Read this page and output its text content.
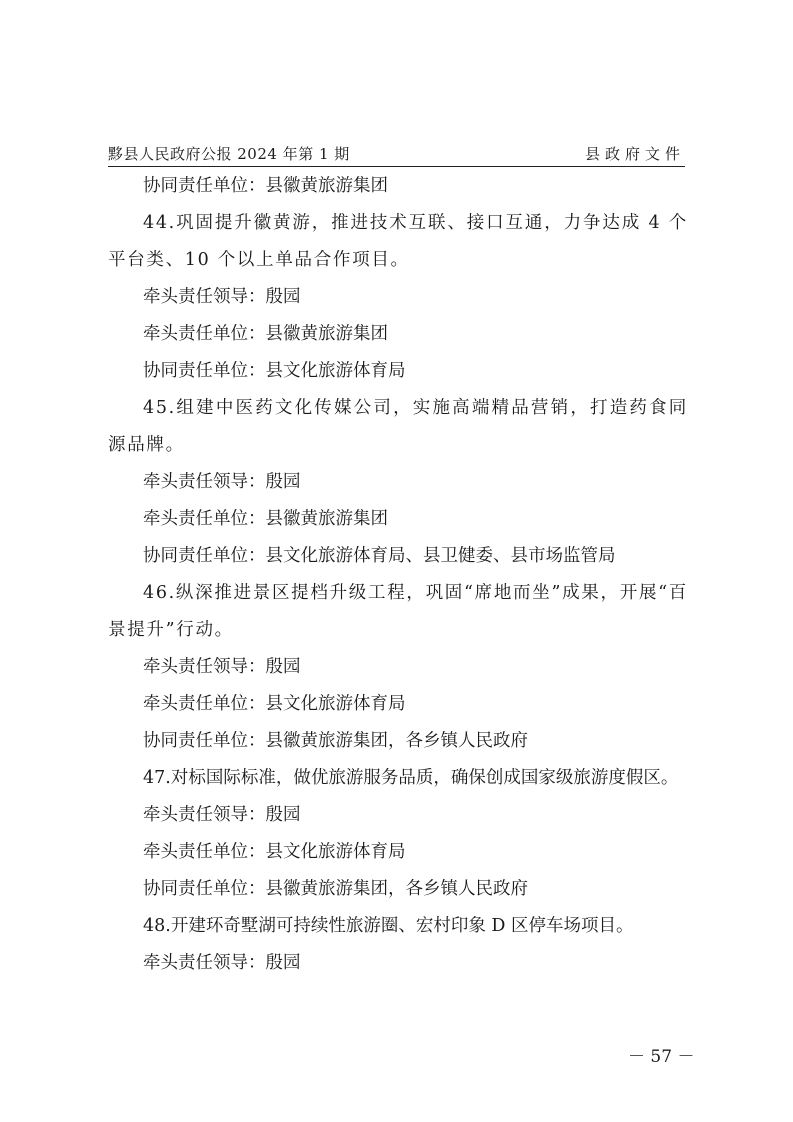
黟县人民政府公报 2024 年第 1 期	县政府文件

协同责任单位：县徽黄旅游集团

44.巩固提升徽黄游，推进技术互联、接口互通，力争达成 4 个平台类、10 个以上单品合作项目。

牵头责任领导：殷园

牵头责任单位：县徽黄旅游集团

协同责任单位：县文化旅游体育局

45.组建中医药文化传媒公司，实施高端精品营销，打造药食同源品牌。

牵头责任领导：殷园

牵头责任单位：县徽黄旅游集团

协同责任单位：县文化旅游体育局、县卫健委、县市场监管局

46.纵深推进景区提档升级工程，巩固“席地而坐”成果，开展“百景提升”行动。

牵头责任领导：殷园

牵头责任单位：县文化旅游体育局

协同责任单位：县徽黄旅游集团，各乡镇人民政府

47.对标国际标准，做优旅游服务品质，确保创成国家级旅游度假区。

牵头责任领导：殷园

牵头责任单位：县文化旅游体育局

协同责任单位：县徽黄旅游集团，各乡镇人民政府

48.开建环奇墅湖可持续性旅游圈、宏村印象 D 区停车场项目。

牵头责任领导：殷园

－ 57 －
